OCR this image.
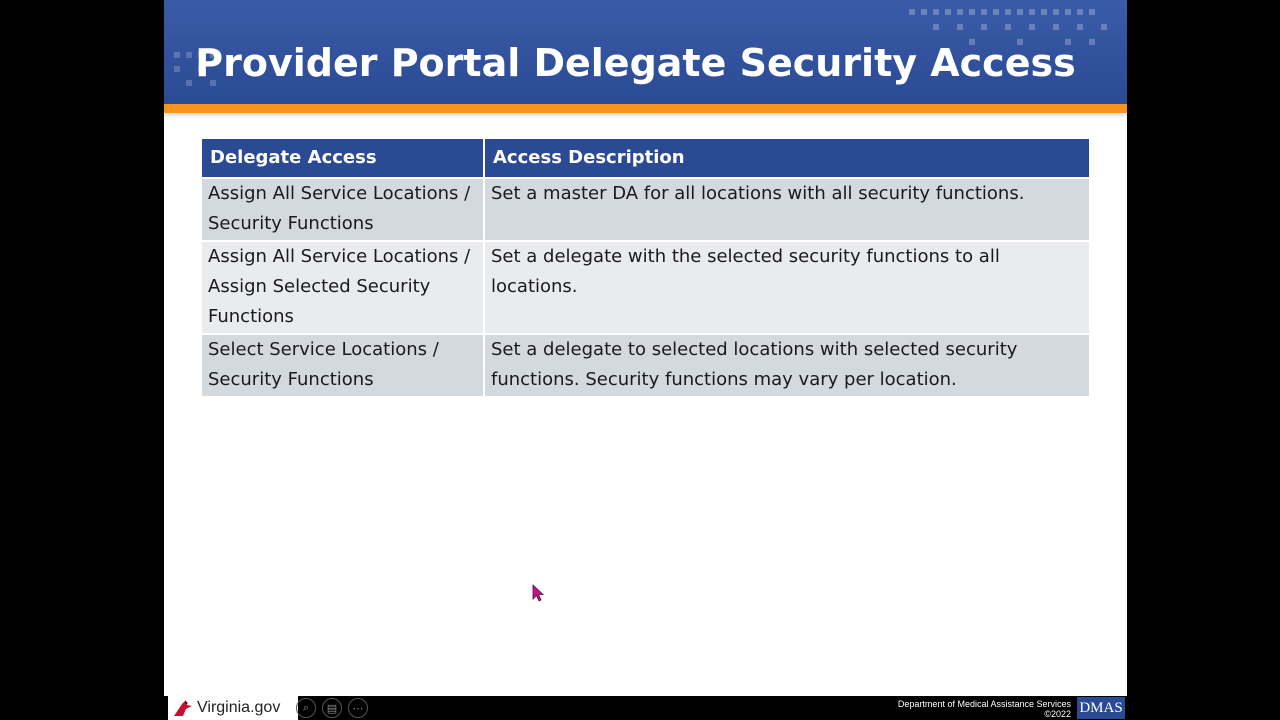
Provider Portal Delegate Security Access
Delegate Access	Access Description
Assign All Service Locations / Security Functions	Set a master DA for all locations with all security functions.
Assign All Service Locations / Assign Selected Security Functions	Set a delegate with the selected security functions to all locations.
Select Service Locations / Security Functions	Set a delegate to selected locations with selected security functions. Security functions may vary per location.
Virginia.gov	⌕	▤	⋯	Department of Medical Assistance Services
©2022 DMAS
